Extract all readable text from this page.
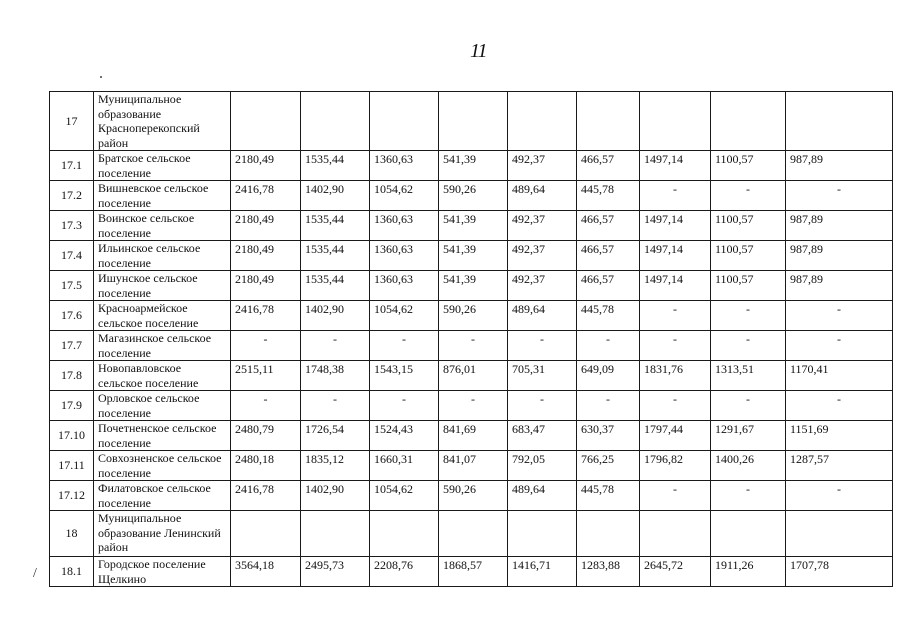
11
/
17	Муниципальное образование Красноперекопский район									
17.1	Братское сельское поселение	2180,49	1535,44	1360,63	541,39	492,37	466,57	1497,14	1100,57	987,89
17.2	Вишневское сельское поселение	2416,78	1402,90	1054,62	590,26	489,64	445,78	-	-	-
17.3	Воинское сельское поселение	2180,49	1535,44	1360,63	541,39	492,37	466,57	1497,14	1100,57	987,89
17.4	Ильинское сельское поселение	2180,49	1535,44	1360,63	541,39	492,37	466,57	1497,14	1100,57	987,89
17.5	Ишунское сельское поселение	2180,49	1535,44	1360,63	541,39	492,37	466,57	1497,14	1100,57	987,89
17.6	Красноармейское сельское поселение	2416,78	1402,90	1054,62	590,26	489,64	445,78	-	-	-
17.7	Магазинское сельское поселение	-	-	-	-	-	-	-	-	-
17.8	Новопавловское сельское поселение	2515,11	1748,38	1543,15	876,01	705,31	649,09	1831,76	1313,51	1170,41
17.9	Орловское сельское поселение	-	-	-	-	-	-	-	-	-
17.10	Почетненское сельское поселение	2480,79	1726,54	1524,43	841,69	683,47	630,37	1797,44	1291,67	1151,69
17.11	Совхозненское сельское поселение	2480,18	1835,12	1660,31	841,07	792,05	766,25	1796,82	1400,26	1287,57
17.12	Филатовское сельское поселение	2416,78	1402,90	1054,62	590,26	489,64	445,78	-	-	-
18	Муниципальное образование Ленинский район									
18.1	Городское поселение Щелкино	3564,18	2495,73	2208,76	1868,57	1416,71	1283,88	2645,72	1911,26	1707,78
